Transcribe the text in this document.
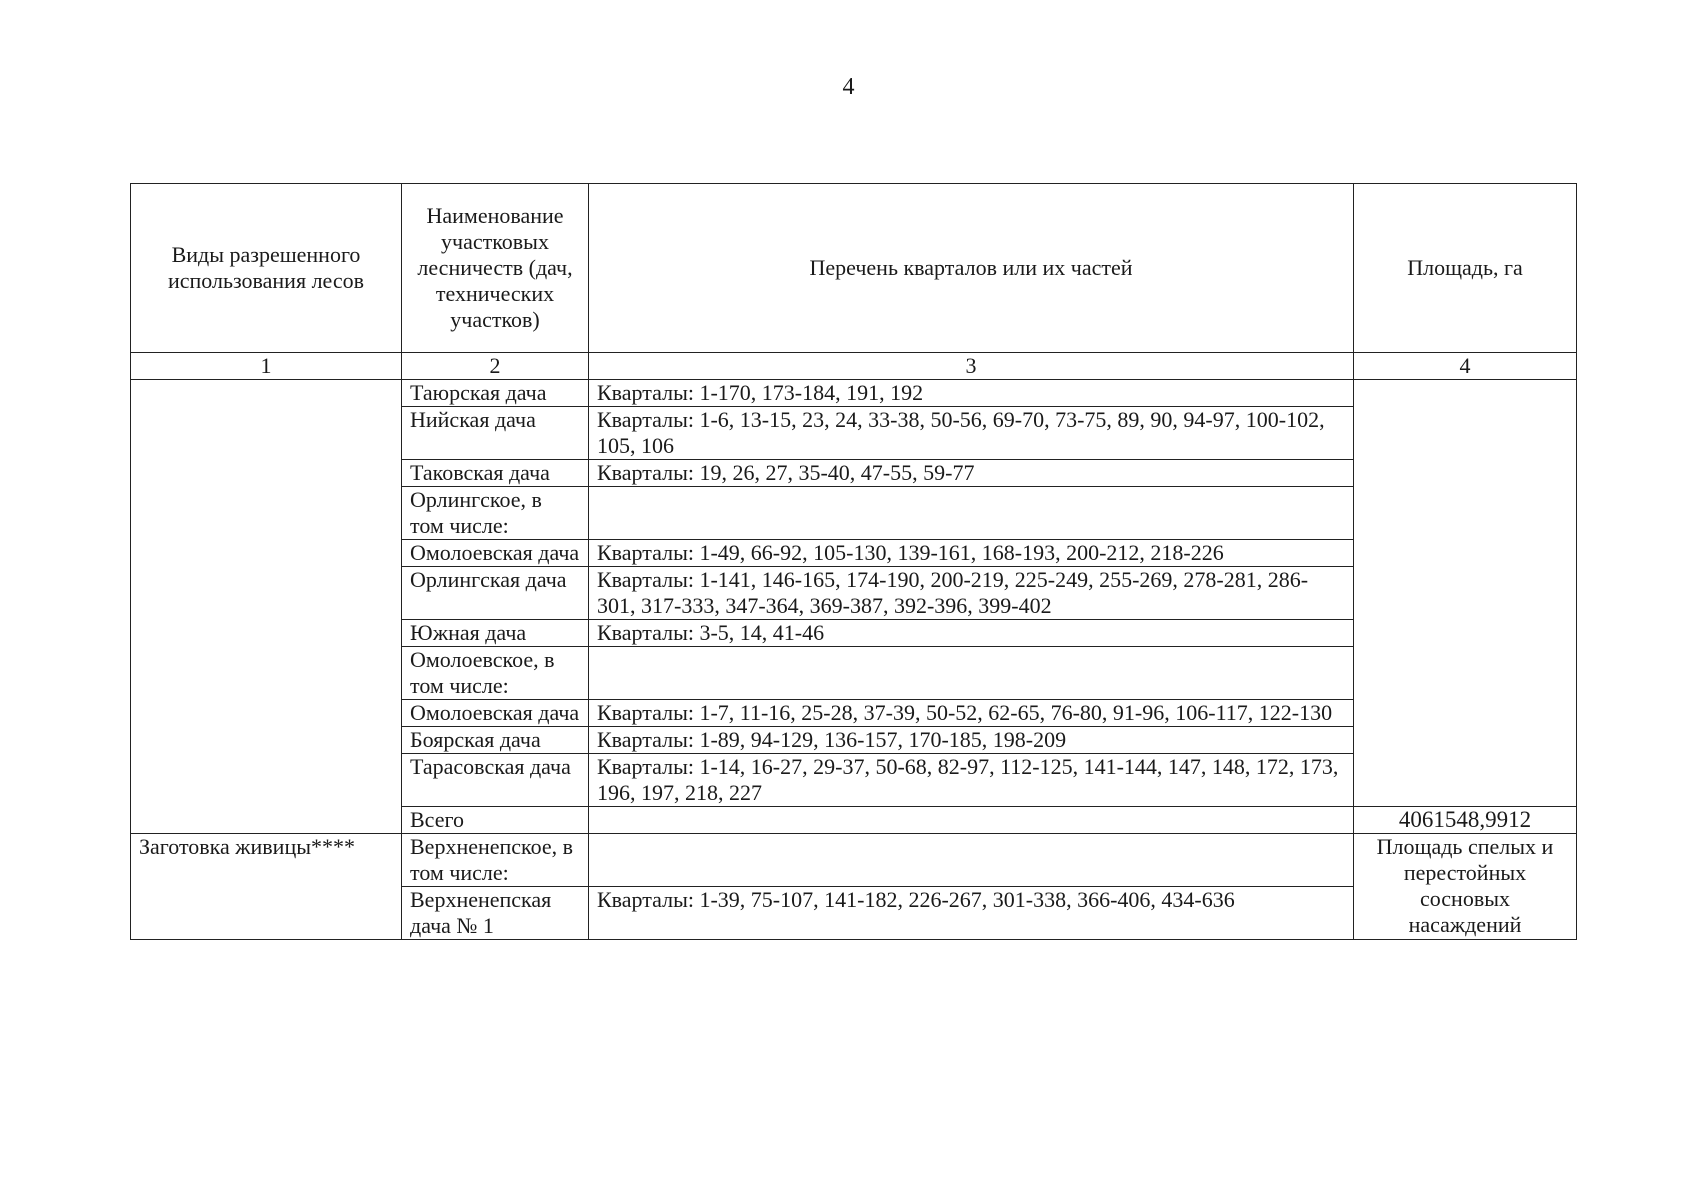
4
Виды разрешенного использования лесов	Наименование участковых лесничеств (дач, технических участков)	Перечень кварталов или их частей	Площадь, га
1	2	3	4
	Таюрская дача	Кварталы: 1-170, 173-184, 191, 192	
	Нийская дача	Кварталы: 1-6, 13-15, 23, 24, 33-38, 50-56, 69-70, 73-75, 89, 90, 94-97, 100-102, 105, 106	
	Таковская дача	Кварталы: 19, 26, 27, 35-40, 47-55, 59-77	
	Орлингское, в том числе:		
	Омолоевская дача	Кварталы: 1-49, 66-92, 105-130, 139-161, 168-193, 200-212, 218-226	
	Орлингская дача	Кварталы: 1-141, 146-165, 174-190, 200-219, 225-249, 255-269, 278-281, 286-301, 317-333, 347-364, 369-387, 392-396, 399-402	
	Южная дача	Кварталы: 3-5, 14, 41-46	
	Омолоевское, в том числе:		
	Омолоевская дача	Кварталы: 1-7, 11-16, 25-28, 37-39, 50-52, 62-65, 76-80, 91-96, 106-117, 122-130	
	Боярская дача	Кварталы: 1-89, 94-129, 136-157, 170-185, 198-209	
	Тарасовская дача	Кварталы: 1-14, 16-27, 29-37, 50-68, 82-97, 112-125, 141-144, 147, 148, 172, 173, 196, 197, 218, 227	
	Всего		4061548,9912
Заготовка живицы****	Верхненепское, в том числе:		Площадь спелых и перестойных сосновых насаждений
	Верхненепская дача № 1	Кварталы: 1-39, 75-107, 141-182, 226-267, 301-338, 366-406, 434-636	
